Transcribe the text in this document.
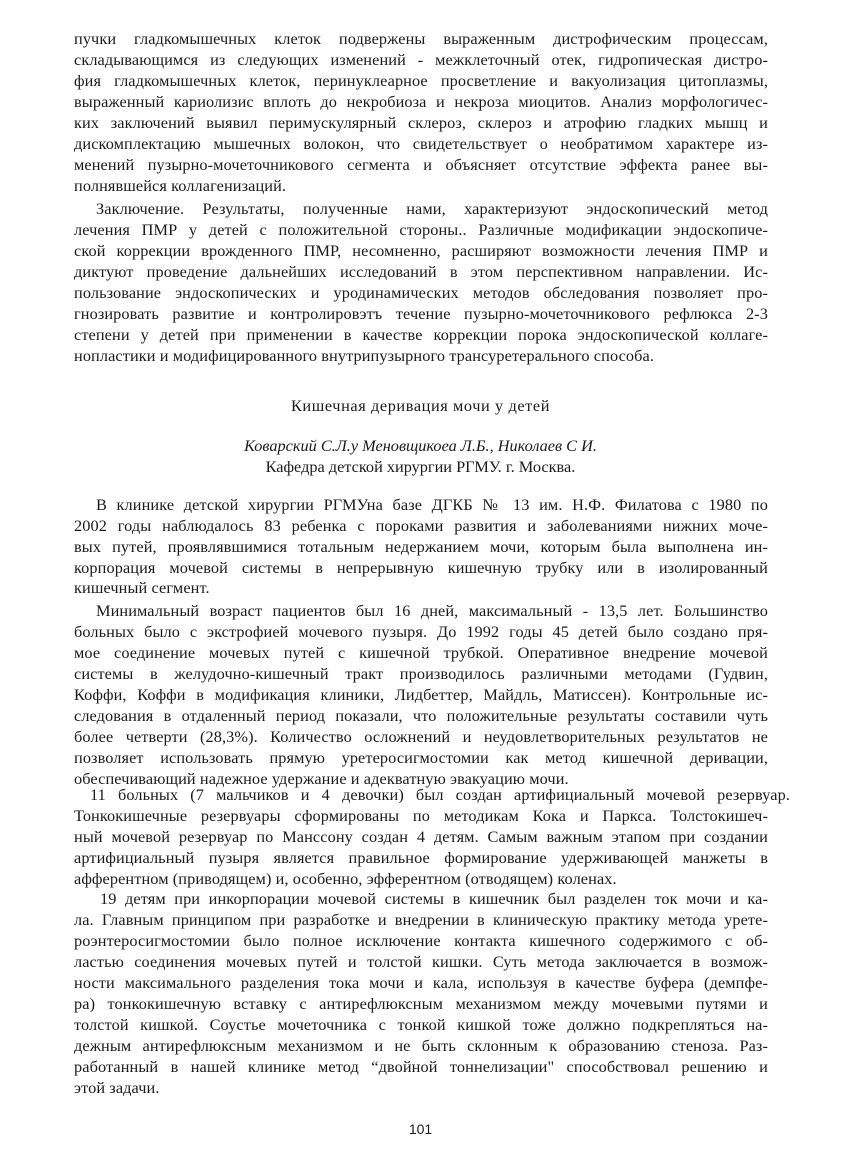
пучки гладкомышечных клеток подвержены выраженным дистрофическим процессам,
складывающимся из следующих изменений - межклеточный отек, гидропическая дистро-
фия гладкомышечных клеток, перинуклеарное просветление и вакуолизация цитоплазмы,
выраженный кариолизис вплоть до некробиоза и некроза миоцитов. Анализ морфологичес-
ких заключений выявил перимускулярный склероз, склероз и атрофию гладких мышц и
дискомплектацию мышечных волокон, что свидетельствует о необратимом характере из-
менений пузырно-мочеточникового сегмента и объясняет отсутствие эффекта ранее вы-
полнявшейся коллагенизаций.
Заключение. Результаты, полученные нами, характеризуют эндоскопический метод
лечения ПМР у детей с положительной стороны.. Различные модификации эндоскопиче-
ской коррекции врожденного ПМР, несомненно, расширяют возможности лечения ПМР и
диктуют проведение дальнейших исследований в этом перспективном направлении. Ис-
пользование эндоскопических и уродинамических методов обследования позволяет про-
гнозировать развитие и контролировэтъ течение пузырно-мочеточникового рефлюкса 2-3
степени у детей при применении в качестве коррекции порока эндоскопической коллаге-
нопластики и модифицированного внутрипузырного трансуретерального способа.
Кишечная деривация мочи у детей
Коварский С.Л.у Меновщикоеа Л.Б., Николаев С И.
Кафедра детской хирургии РГМУ. г. Москва.
В клинике детской хирургии РГМУна базе ДГКБ № 13 им. Н.Ф. Филатова с 1980 по
2002 годы наблюдалось 83 ребенка с пороками развития и заболеваниями нижних моче-
вых путей, проявлявшимися тотальным недержанием мочи, которым была выполнена ин-
корпорация мочевой системы в непрерывную кишечную трубку или в изолированный
кишечный сегмент.
Минимальный возраст пациентов был 16 дней, максимальный - 13,5 лет. Большинство
больных было с экстрофией мочевого пузыря. До 1992 годы 45 детей было создано пря-
мое соединение мочевых путей с кишечной трубкой. Оперативное внедрение мочевой
системы в желудочно-кишечный тракт производилось различными методами (Гудвин,
Коффи, Коффи в модификация клиники, Лидбеттер, Майдль, Матиссен). Контрольные ис-
следования в отдаленный период показали, что положительные результаты составили чуть
более четверти (28,3%). Количество осложнений и неудовлетворительных результатов не
позволяет использовать прямую уретеросигмостомии как метод кишечной деривации,
обеспечивающий надежное удержание и адекватную эвакуацию мочи.
11 больных (7 мальчиков и 4 девочки) был создан артифициальный мочевой резервуар.
Тонкокишечные резервуары сформированы по методикам Кока и Паркса. Толстокишеч-
ный мочевой резервуар по Манссону создан 4 детям. Самым важным этапом при создании
артифициальный пузыря является правильное формирование удерживающей манжеты в
афферентном (приводящем) и, особенно, эфферентном (отводящем) коленах.
19 детям при инкорпорации мочевой системы в кишечник был разделен ток мочи и ка-
ла. Главным принципом при разработке и внедрении в клиническую практику метода урете-
роэнтеросигмостомии было полное исключение контакта кишечного содержимого с об-
ластью соединения мочевых путей и толстой кишки. Суть метода заключается в возмож-
ности максимального разделения тока мочи и кала, используя в качестве буфера (демпфе-
ра) тонкокишечную вставку с антирефлюксным механизмом между мочевыми путями и
толстой кишкой. Соустье мочеточника с тонкой кишкой тоже должно подкрепляться на-
дежным антирефлюксным механизмом и не быть склонным к образованию стеноза. Раз-
работанный в нашей клинике метод “двойной тоннелизации" способствовал решению и
этой задачи.
101
